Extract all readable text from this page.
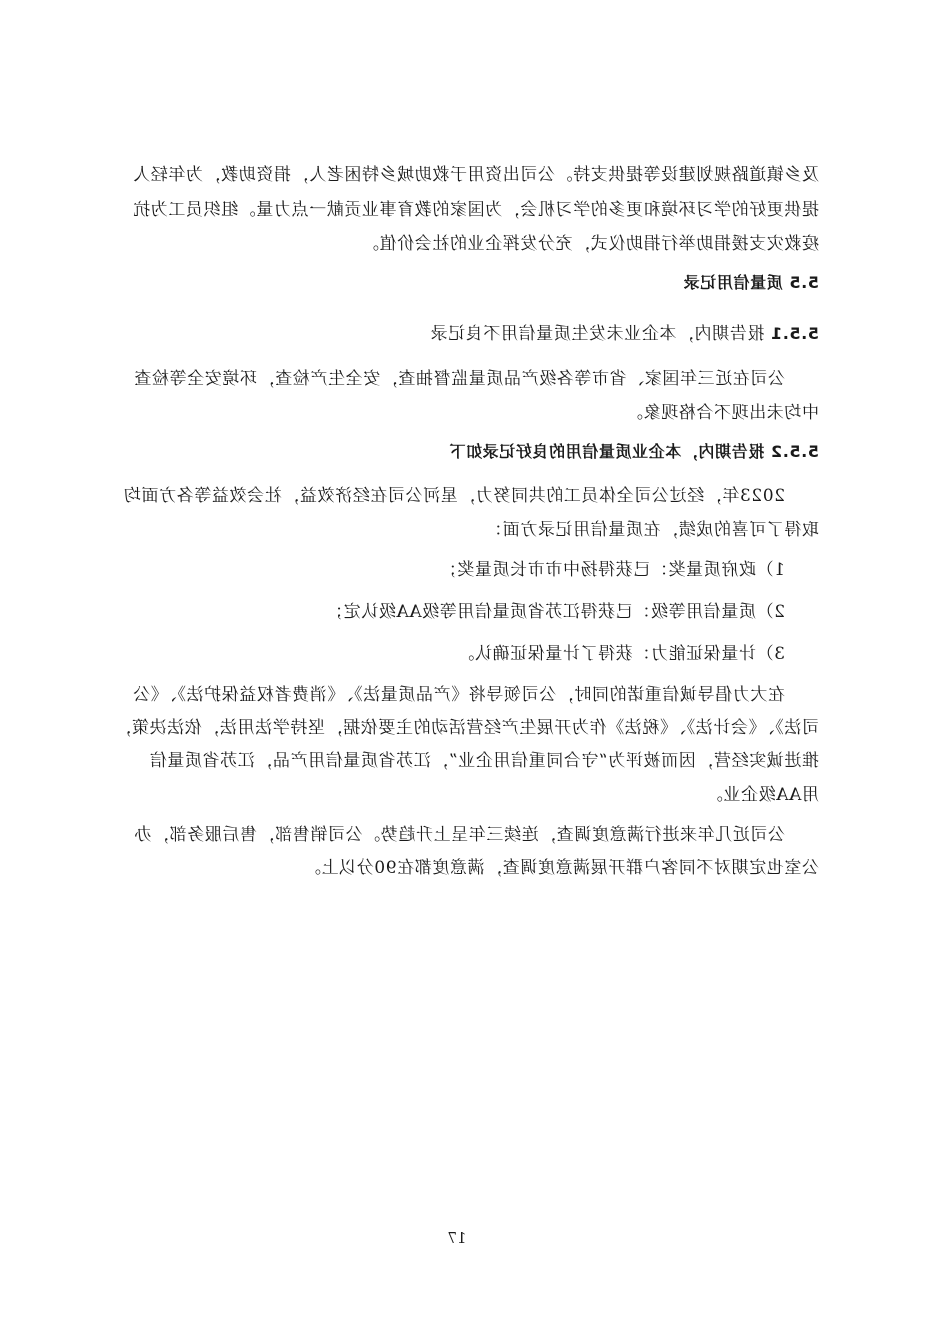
及乡镇道路规划建设等提供支持。公司出资用于救助城乡特困老人，捐资助教，为年轻人
提供更好的学习环境和更多的学习机会，为国家的教育事业贡献一点力量。组织员工为抗
疫救灾支援捐助举行捐助仪式，充分发挥企业的社会价值。
5.5 质量信用记录
5.5.1 报告期内，本企业未发生质量信用不良记录
公司在近三年国家、省市等各级产品质量监督抽查，安全生产检查，环境安全等检查
中均未出现不合格现象。
5.5.2 报告期内，本企业质量信用的良好记录如下
2023年，经过公司全体员工的共同努力，星河公司在经济效益，社会效益等各方面均
取得了可喜的成绩，在质量信用记录方面：
1）政府质量奖：已获得扬中市市长质量奖；
2）质量信用等级：已获得江苏省质量信用等级AA级认定；
3）计量保证能力：获得了计量保证确认。
在大力倡导诚信重诺的同时，公司领导将《产品质量法》、《消费者权益保护法》、《公
司法》、《会计法》、《税法》作为开展生产经营活动的主要依据，坚持学法用法，依法决策，
推进诚实经营，因而被评为“守合同重信用企业”，江苏省质量信用产品，江苏省质量信
用AA级企业。
公司近几年来进行满意度调查，连续三年呈上升趋势。公司销售部，售后服务部，办
公室也定期对不同客户群开展满意度调查，满意度都在90分以上。
17
